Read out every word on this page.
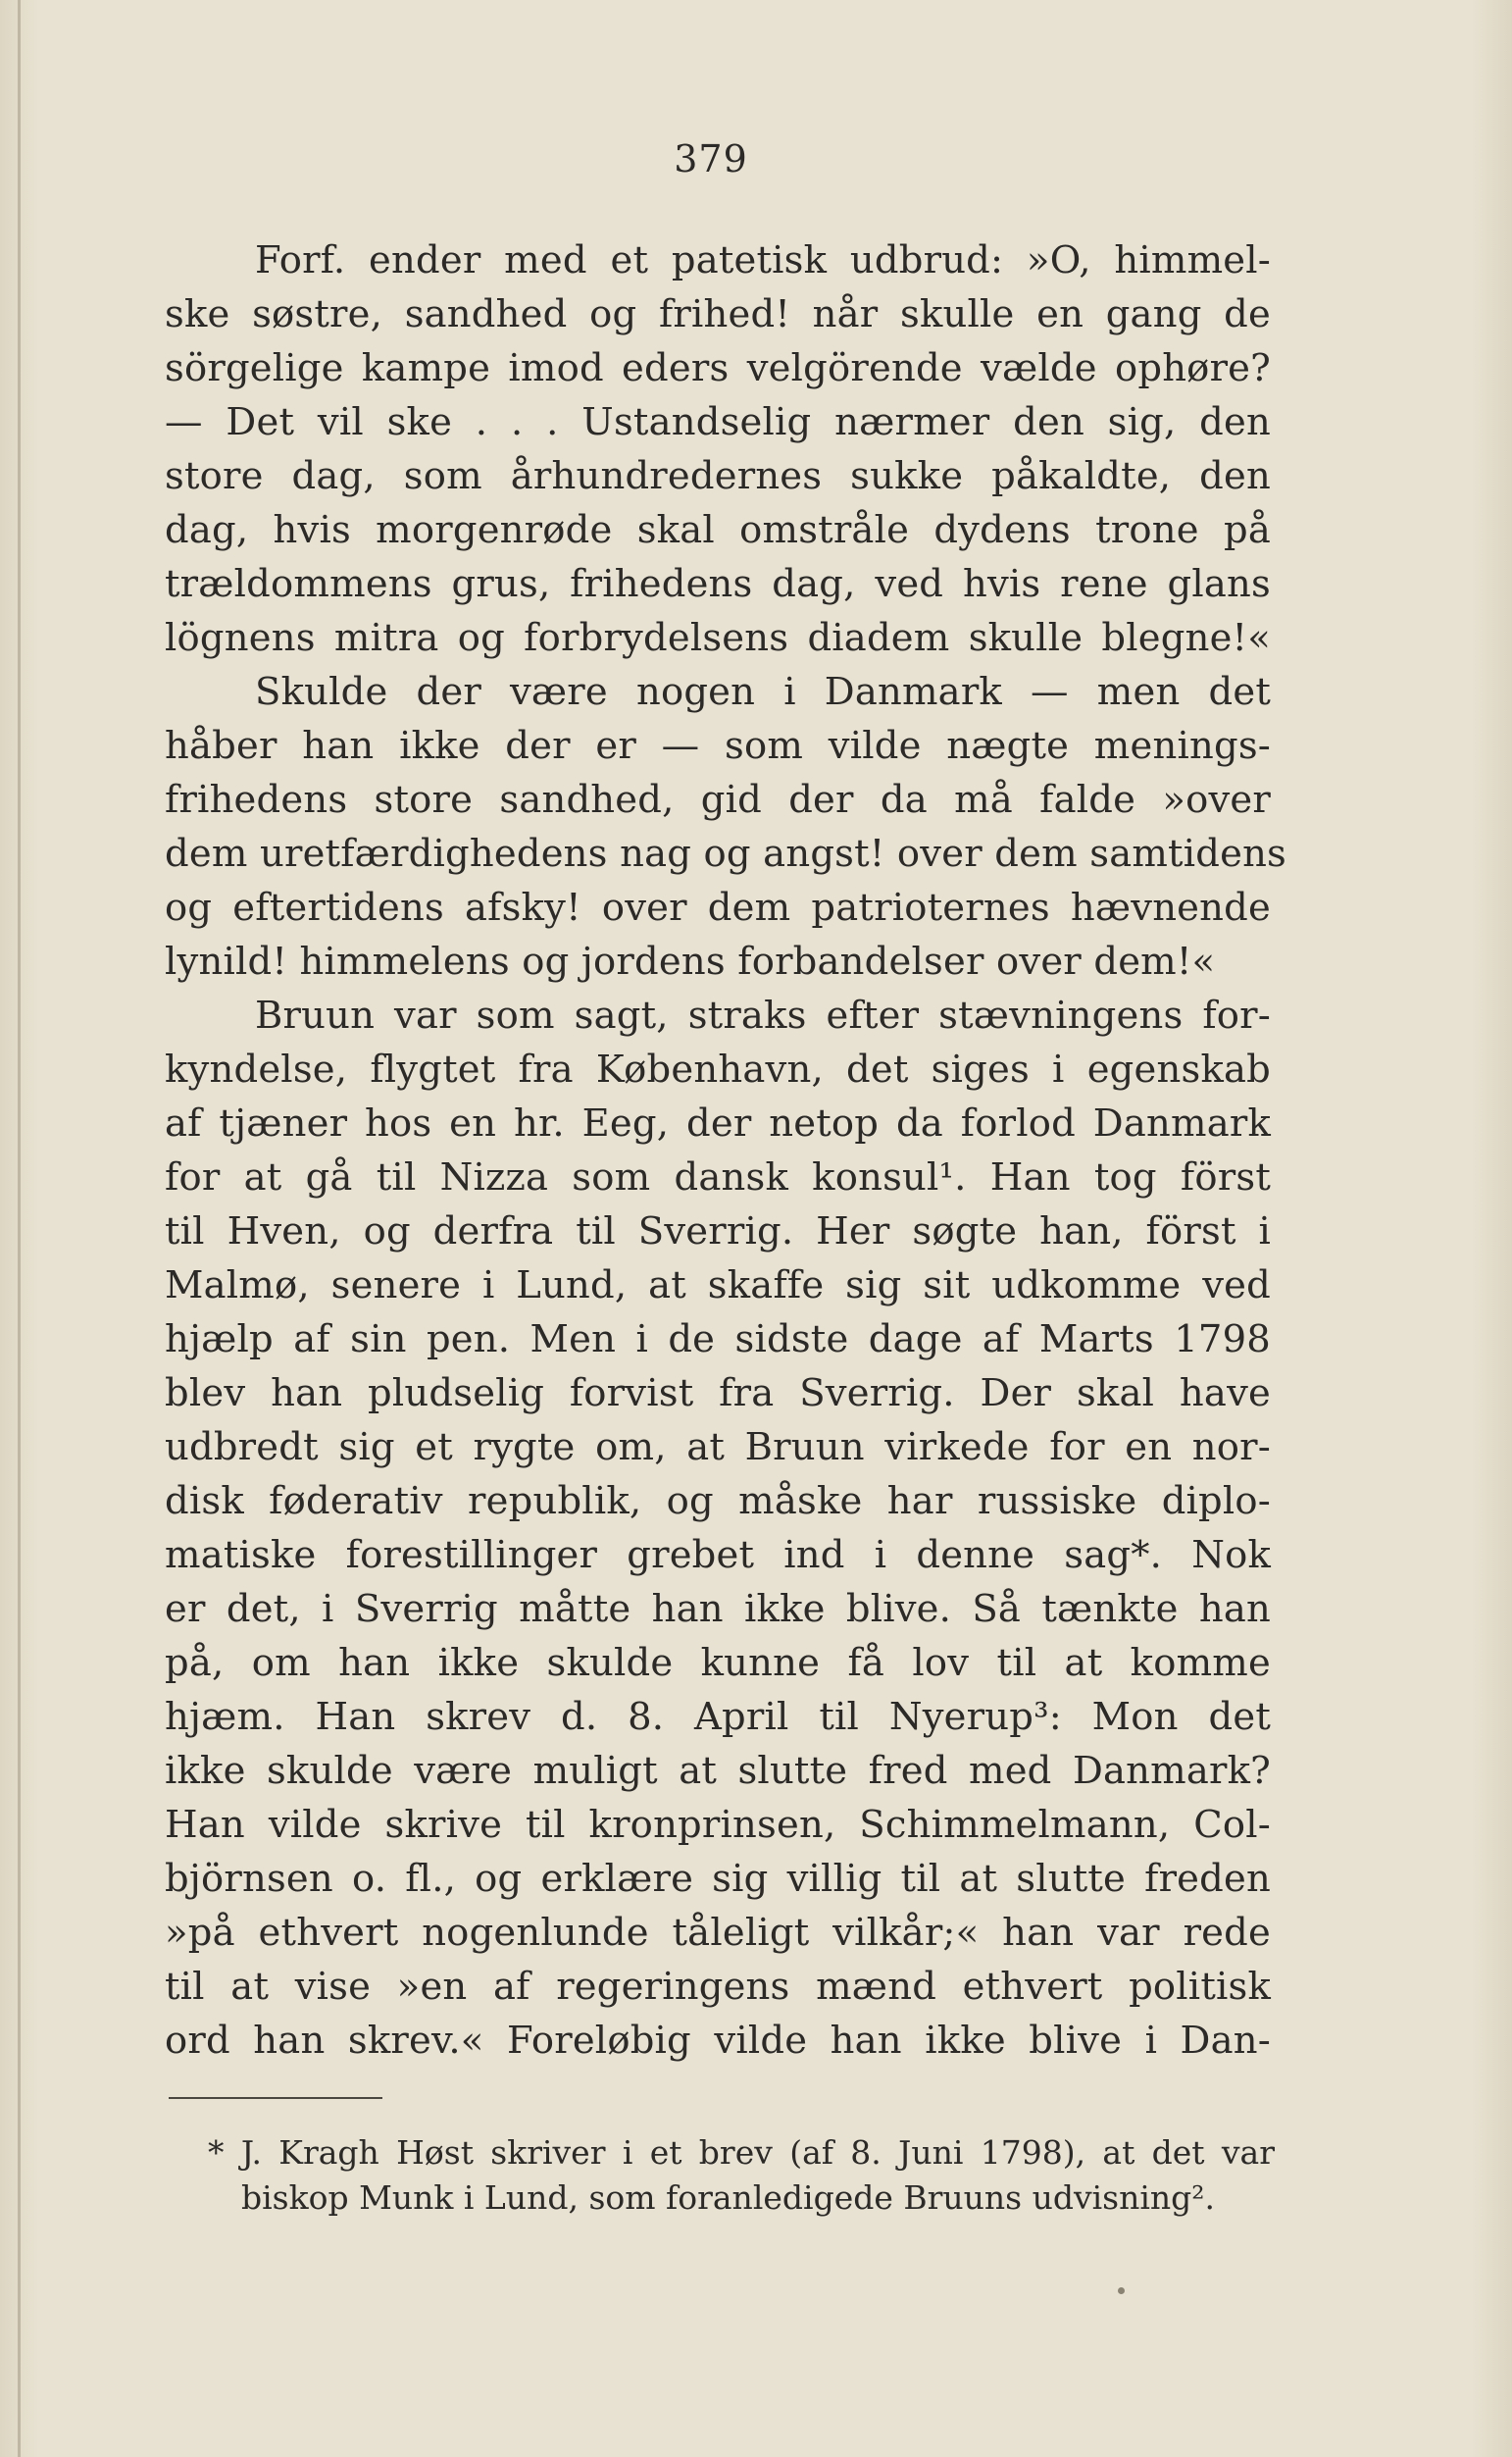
379
Forf. ender med et patetisk udbrud: »O, himmel-
ske søstre, sandhed og frihed! når skulle en gang de
sörgelige kampe imod eders velgörende vælde ophøre?
— Det vil ske . . . Ustandselig nærmer den sig, den
store dag, som århundredernes sukke påkaldte, den
dag, hvis morgenrøde skal omstråle dydens trone på
trældommens grus, frihedens dag, ved hvis rene glans
lögnens mitra og forbrydelsens diadem skulle blegne!«
Skulde der være nogen i Danmark — men det
håber han ikke der er — som vilde nægte menings-
frihedens store sandhed, gid der da må falde »over
dem uretfærdighedens nag og angst! over dem samtidens
og eftertidens afsky! over dem patrioternes hævnende
lynild! himmelens og jordens forbandelser over dem!«
Bruun var som sagt, straks efter stævningens for-
kyndelse, flygtet fra København, det siges i egenskab
af tjæner hos en hr. Eeg, der netop da forlod Danmark
for at gå til Nizza som dansk konsul¹. Han tog först
til Hven, og derfra til Sverrig. Her søgte han, först i
Malmø, senere i Lund, at skaffe sig sit udkomme ved
hjælp af sin pen. Men i de sidste dage af Marts 1798
blev han pludselig forvist fra Sverrig. Der skal have
udbredt sig et rygte om, at Bruun virkede for en nor-
disk føderativ republik, og måske har russiske diplo-
matiske forestillinger grebet ind i denne sag*. Nok
er det, i Sverrig måtte han ikke blive. Så tænkte han
på, om han ikke skulde kunne få lov til at komme
hjæm. Han skrev d. 8. April til Nyerup³: Mon det
ikke skulde være muligt at slutte fred med Danmark?
Han vilde skrive til kronprinsen, Schimmelmann, Col-
björnsen o. fl., og erklære sig villig til at slutte freden
»på ethvert nogenlunde tåleligt vilkår;« han var rede
til at vise »en af regeringens mænd ethvert politisk
ord han skrev.« Foreløbig vilde han ikke blive i Dan-
* J. Kragh Høst skriver i et brev (af 8. Juni 1798), at det var
biskop Munk i Lund, som foranledigede Bruuns udvisning².
